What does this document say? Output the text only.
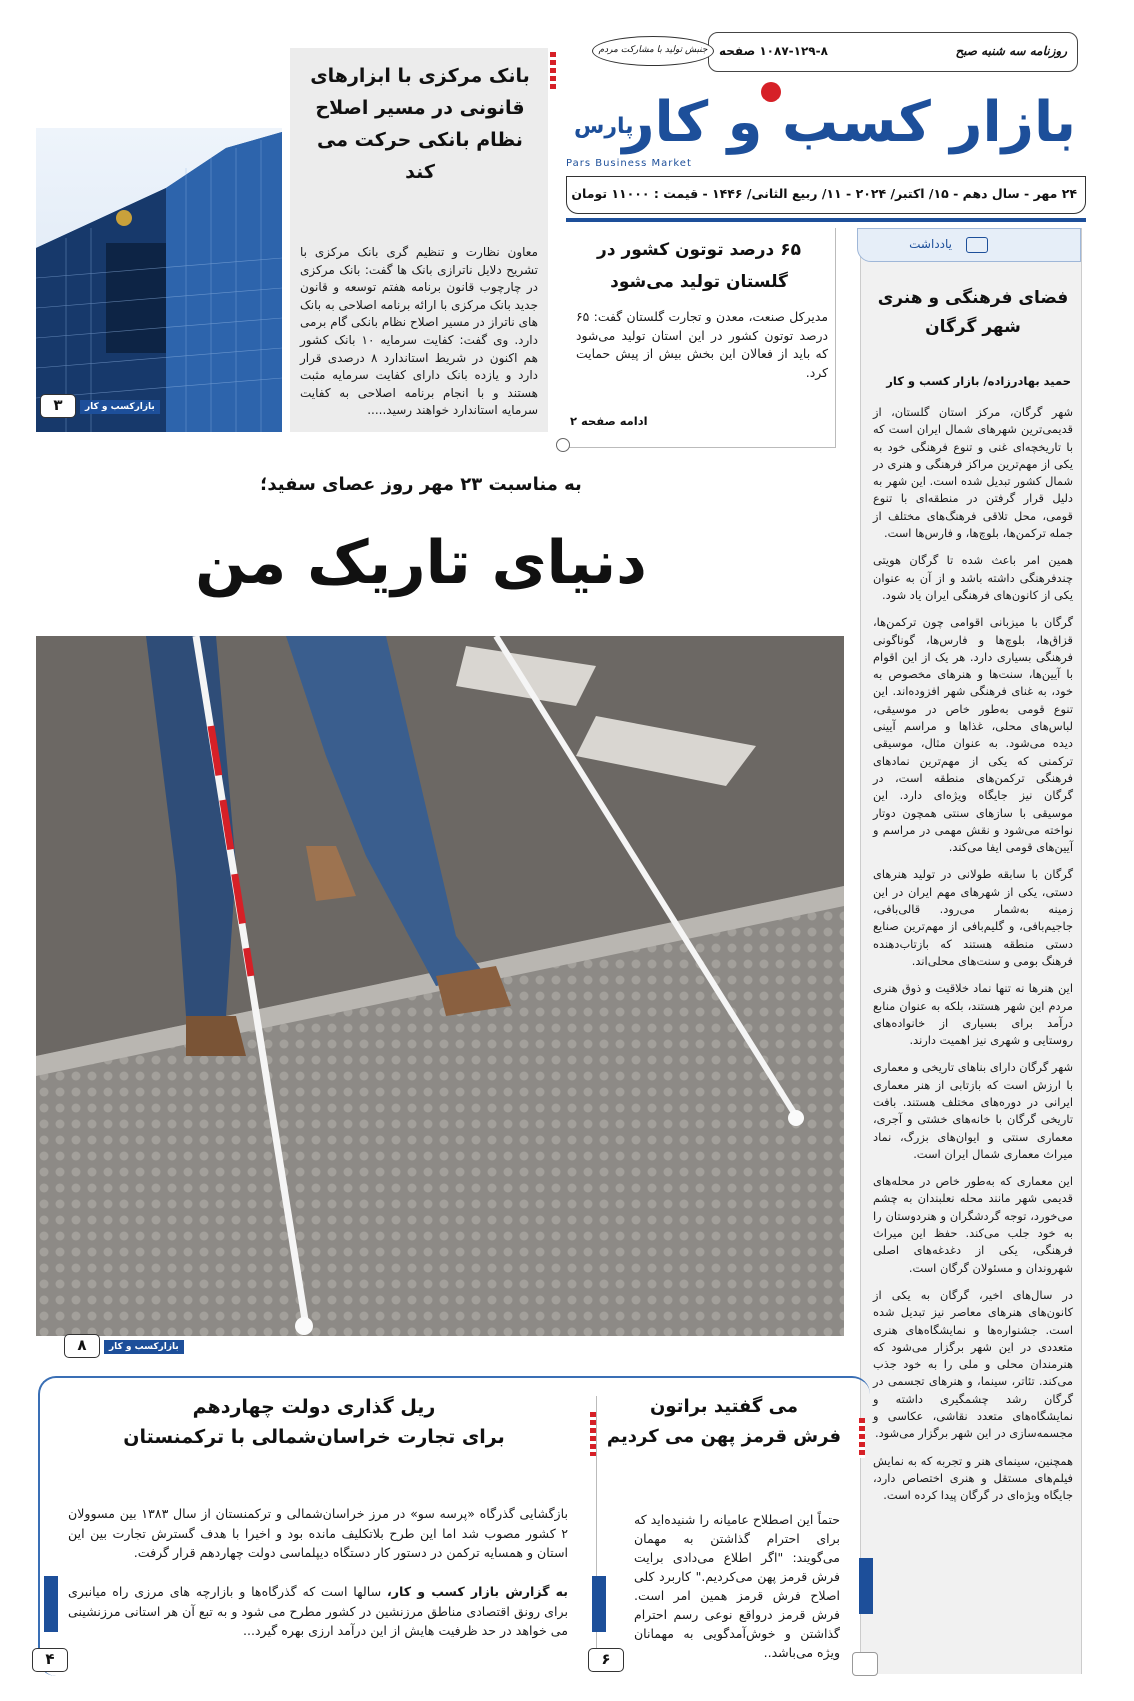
روزنامه سه شنبه صبح
۱۰۸۷-۱۲۹-۸ صفحه
جنبش تولید با مشارکت مردم
پارس
بازار کسب و کار
Pars Business Market
۲۴ مهر - سال دهم - ۱۵/ اکتبر/ ۲۰۲۴ - ۱۱/ ربیع الثانی/ ۱۴۴۶ - قیمت : ۱۱۰۰۰ تومان
بانک مرکزی با ابزارهای قانونی در مسیر اصلاح نظام بانکی حرکت می کند

معاون نظارت و تنظیم گری بانک مرکزی با تشریح دلایل ناترازی بانک ها گفت: بانک مرکزی در چارچوب قانون برنامه هفتم توسعه و قانون جدید بانک مرکزی با ارائه برنامه اصلاحی به بانک های ناتراز در مسیر اصلاح نظام بانکی گام برمی دارد. وی گفت: کفایت سرمایه ۱۰ بانک کشور هم اکنون در شریط استاندارد ۸ درصدی قرار دارد و یازده بانک دارای کفایت سرمایه مثبت هستند و با انجام برنامه اصلاحی به کفایت سرمایه استاندارد خواهند رسید.....

۳	بازارکسب و کار
۶۵ درصد توتون کشور در گلستان تولید می‌شود

مدیرکل صنعت، معدن و تجارت گلستان گفت: ۶۵ درصد توتون کشور در این استان تولید می‌شود که باید از فعالان این بخش بیش از پیش حمایت کرد.

ادامه صفحه ۲
یادداشت
فضای فرهنگی و هنری شهر گرگان
حمید بهادرزاده/ بازار کسب و کار

شهر گرگان، مرکز استان گلستان، از قدیمی‌ترین شهرهای شمال ایران است که با تاریخچه‌ای غنی و تنوع فرهنگی خود به یکی از مهم‌ترین مراکز فرهنگی و هنری در شمال کشور تبدیل شده است. این شهر به دلیل قرار گرفتن در منطقه‌ای با تنوع قومی، محل تلاقی فرهنگ‌های مختلف از جمله ترکمن‌ها، بلوچ‌ها، و فارس‌ها است.

همین امر باعث شده تا گرگان هویتی چندفرهنگی داشته باشد و از آن به عنوان یکی از کانون‌های فرهنگی ایران یاد شود.

گرگان با میزبانی اقوامی چون ترکمن‌ها، قزاق‌ها، بلوچ‌ها و فارس‌ها، گوناگونی فرهنگی بسیاری دارد. هر یک از این اقوام با آیین‌ها، سنت‌ها و هنرهای مخصوص به خود، به غنای فرهنگی شهر افزوده‌اند. این تنوع قومی به‌طور خاص در موسیقی، لباس‌های محلی، غذاها و مراسم آیینی دیده می‌شود. به عنوان مثال، موسیقی ترکمنی که یکی از مهم‌ترین نمادهای فرهنگی ترکمن‌های منطقه است، در گرگان نیز جایگاه ویژه‌ای دارد. این موسیقی با سازهای سنتی همچون دوتار نواخته می‌شود و نقش مهمی در مراسم و آیین‌های قومی ایفا می‌کند.

گرگان با سابقه طولانی در تولید هنرهای دستی، یکی از شهرهای مهم ایران در این زمینه به‌شمار می‌رود. قالی‌بافی، جاجیم‌بافی، و گلیم‌بافی از مهم‌ترین صنایع دستی منطقه هستند که بازتاب‌دهنده فرهنگ بومی و سنت‌های محلی‌اند.

این هنرها نه تنها نماد خلاقیت و ذوق هنری مردم این شهر هستند، بلکه به عنوان منابع درآمد برای بسیاری از خانواده‌های روستایی و شهری نیز اهمیت دارند.

شهر گرگان دارای بناهای تاریخی و معماری با ارزش است که بازتابی از هنر معماری ایرانی در دوره‌های مختلف هستند. بافت تاریخی گرگان با خانه‌های خشتی و آجری، معماری سنتی و ایوان‌های بزرگ، نماد میراث معماری شمال ایران است.

این معماری که به‌طور خاص در محله‌های قدیمی شهر مانند محله نعلبندان به چشم می‌خورد، توجه گردشگران و هنردوستان را به خود جلب می‌کند. حفظ این میراث فرهنگی، یکی از دغدغه‌های اصلی شهروندان و مسئولان گرگان است.

در سال‌های اخیر، گرگان به یکی از کانون‌های هنرهای معاصر نیز تبدیل شده است. جشنواره‌ها و نمایشگاه‌های هنری متعددی در این شهر برگزار می‌شود که هنرمندان محلی و ملی را به خود جذب می‌کند. تئاتر، سینما، و هنرهای تجسمی در گرگان رشد چشمگیری داشته و نمایشگاه‌های متعدد نقاشی، عکاسی و مجسمه‌سازی در این شهر برگزار می‌شود.

همچنین، سینمای هنر و تجربه که به نمایش فیلم‌های مستقل و هنری اختصاص دارد، جایگاه ویژه‌ای در گرگان پیدا کرده است.

به مناسبت ۲۳ مهر روز عصای سفید؛
دنیای تاریک من
۸	بازارکسب و کار
ریل گذاری دولت چهاردهم
برای تجارت خراسان‌شمالی با ترکمنستان

بازگشایی گذرگاه «پرسه سو» در مرز خراسان‌شمالی و ترکمنستان از سال ۱۳۸۳ بین مسوولان ۲ کشور مصوب شد اما این طرح بلاتکلیف مانده بود و اخیرا با هدف گسترش تجارت بین این استان و همسایه ترکمن در دستور کار دستگاه دیپلماسی دولت چهاردهم قرار گرفت.

به گزارش بازار کسب و کار، سالها است که گذرگاه‌ها و بازارچه های مرزی راه میانبری برای رونق اقتصادی مناطق مرزنشین در کشور مطرح می شود و به تبع آن هر استانی مرزنشینی می خواهد در حد ظرفیت هایش از این درآمد ارزی بهره گیرد...

۴
می گفتید براتون
فرش قرمز پهن می کردیم

حتماً این اصطلاح عامیانه را شنیده‌اید که برای احترام گذاشتن به مهمان می‌گویند: "اگر اطلاع می‌دادی برایت فرش قرمز پهن می‌کردیم." کاربرد کلی اصلاح فرش قرمز همین امر است. فرش قرمز درواقع نوعی رسم احترام گذاشتن و خوش‌آمدگویی به مهمانان ویژه می‌باشد..

۶
